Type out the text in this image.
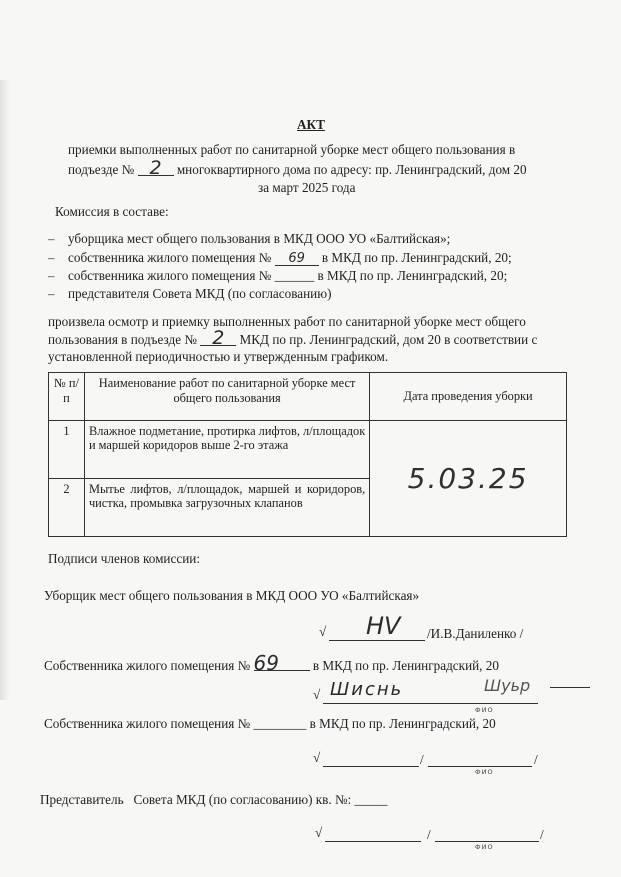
АКТ
приемки выполненных работ по санитарной уборке мест общего пользования в
подъезде № 2 многоквартирного дома по адресу: пр. Ленинградский, дом 20
за март 2025 года
Комиссия в составе:
– уборщика мест общего пользования в МКД ООО УО «Балтийская»;
– собственника жилого помещения № 69 в МКД по пр. Ленинградский, 20;
– собственника жилого помещения № ______ в МКД по пр. Ленинградский, 20;
– представителя Совета МКД (по согласованию)
произвела осмотр и приемку выполненных работ по санитарной уборке мест общего
пользования в подъезде № 2 МКД по пр. Ленинградский, дом 20 в соответствии с
установленной периодичностью и утвержденным графиком.
№ п/п	Наименование работ по санитарной уборке мест общего пользования	Дата проведения уборки
1	Влажное подметание, протирка лифтов, л/площадок и маршей коридоров выше 2-го этажа	5.03.25
2	Мытье лифтов, л/площадок, маршей и коридоров, чистка, промывка загрузочных клапанов	
Подписи членов комиссии:
Уборщик мест общего пользования в МКД ООО УО «Балтийская»
√ НV /И.В.Даниленко /
Собственника жилого помещения № 69	в МКД по пр. Ленинградский, 20
√ Шиснь	Шуьр
ФИО
Собственника жилого помещения № ________ в МКД по пр. Ленинградский, 20
√	/	/
ФИО
Представитель   Совета МКД (по согласованию) кв. №: _____
√	/	/
ФИО
